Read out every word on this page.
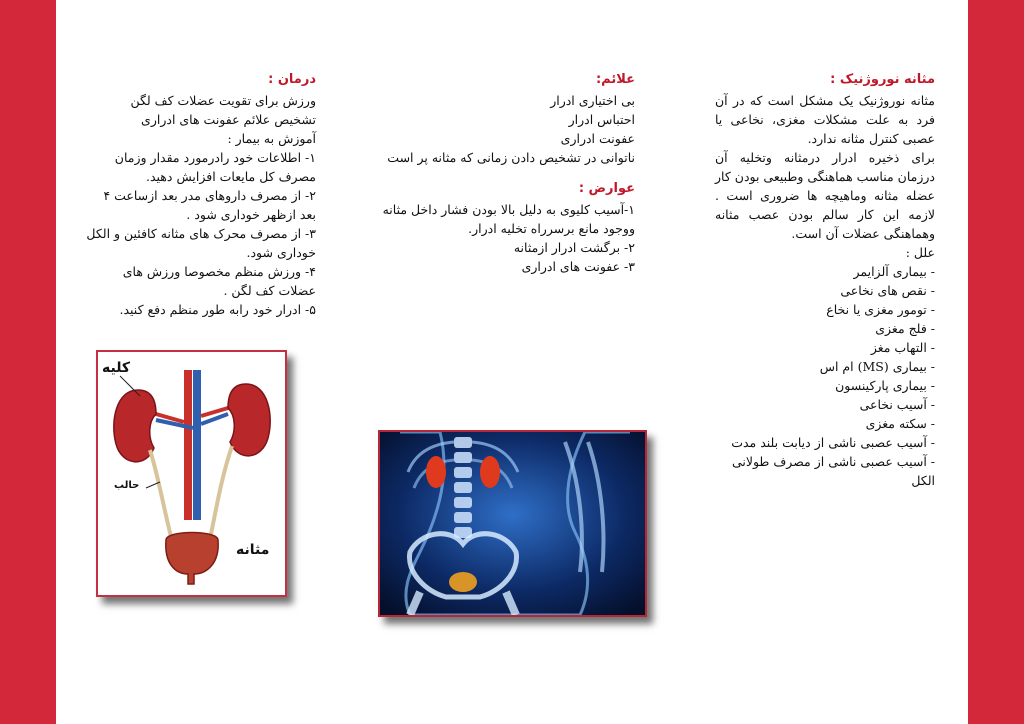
مثانه نوروژنیک :

مثانه نوروژنیک یک مشکل است که در آن فرد به علت مشکلات مغزی، نخاعی یا عصبی کنترل مثانه ندارد.

برای ذخیره ادرار درمثانه وتخلیه آن درزمان مناسب هماهنگی وطبیعی بودن کار عضله مثانه وماهیچه ها ضروری است . لازمه این کار سالم بودن عصب مثانه وهماهنگی عضلات آن است.

علل :

- بیماری آلزایمر
- نقص های نخاعی
- تومور مغزی یا نخاع
- فلج مغزی
- التهاب مغز
- بیماری (MS) ام اس
- بیماری پارکینسون
- آسیب نخاعی
- سکته مغزی
- آسیب عصبی ناشی از دیابت بلند مدت
- آسیب عصبی ناشی از مصرف طولانی الکل
علائم:
بی اختیاری ادرار
احتباس ادرار
عفونت ادراری
ناتوانی در تشخیص دادن زمانی که مثانه پر است
عوارض :
۱-آسیب کلیوی به دلیل بالا بودن فشار داخل مثانه ووجود مانع برسرراه تخلیه ادرار.
۲- برگشت ادرار ازمثانه
۳- عفونت های ادراری
درمان :

ورزش برای تقویت عضلات کف لگن

تشخیص علائم عفونت های ادراری

آموزش به بیمار :

۱- اطلاعات خود رادرمورد مقدار وزمان مصرف کل مایعات افزایش دهید.
۲- از مصرف داروهای مدر بعد ازساعت ۴ بعد ازظهر خوداری شود .
۳- از مصرف محرک های مثانه کافئین و الکل خوداری شود.
۴- ورزش منظم مخصوصا ورزش های عضلات کف لگن .
۵- ادرار خود رابه طور منظم دفع کنید.
کلیه
حالب
مثانه
